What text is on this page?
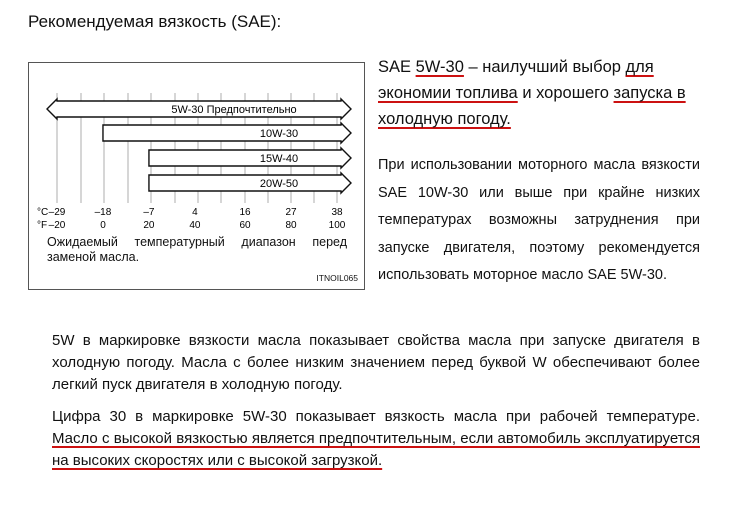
Рекомендуемая вязкость (SAE):
5W-30 Предпочтительно
10W-30
15W-40
20W-50
–29	–18	–7	4	16	27	38
–20	0	20	40	60	80	100
°C
°F
Ожидаемый температурный диапазон перед заменой масла.
ITNOIL065
SAE 5W-30 – наилучший выбор для экономии топлива и хорошего запуска в холодную погоду.
При использовании моторного масла вязкости SAE 10W-30 или выше при крайне низких температурах возможны затруднения при запуске двигателя, поэтому рекомендуется использовать моторное масло SAE 5W-30.
5W в маркировке вязкости масла показывает свойства масла при запуске двигателя в холодную погоду. Масла с более низким значением перед буквой W обеспечивают более легкий пуск двигателя в холодную погоду.
Цифра 30 в маркировке 5W-30 показывает вязкость масла при рабочей температуре. Масло с высокой вязкостью является предпочтительным, если автомобиль эксплуатируется на высоких скоростях или с высокой загрузкой.
